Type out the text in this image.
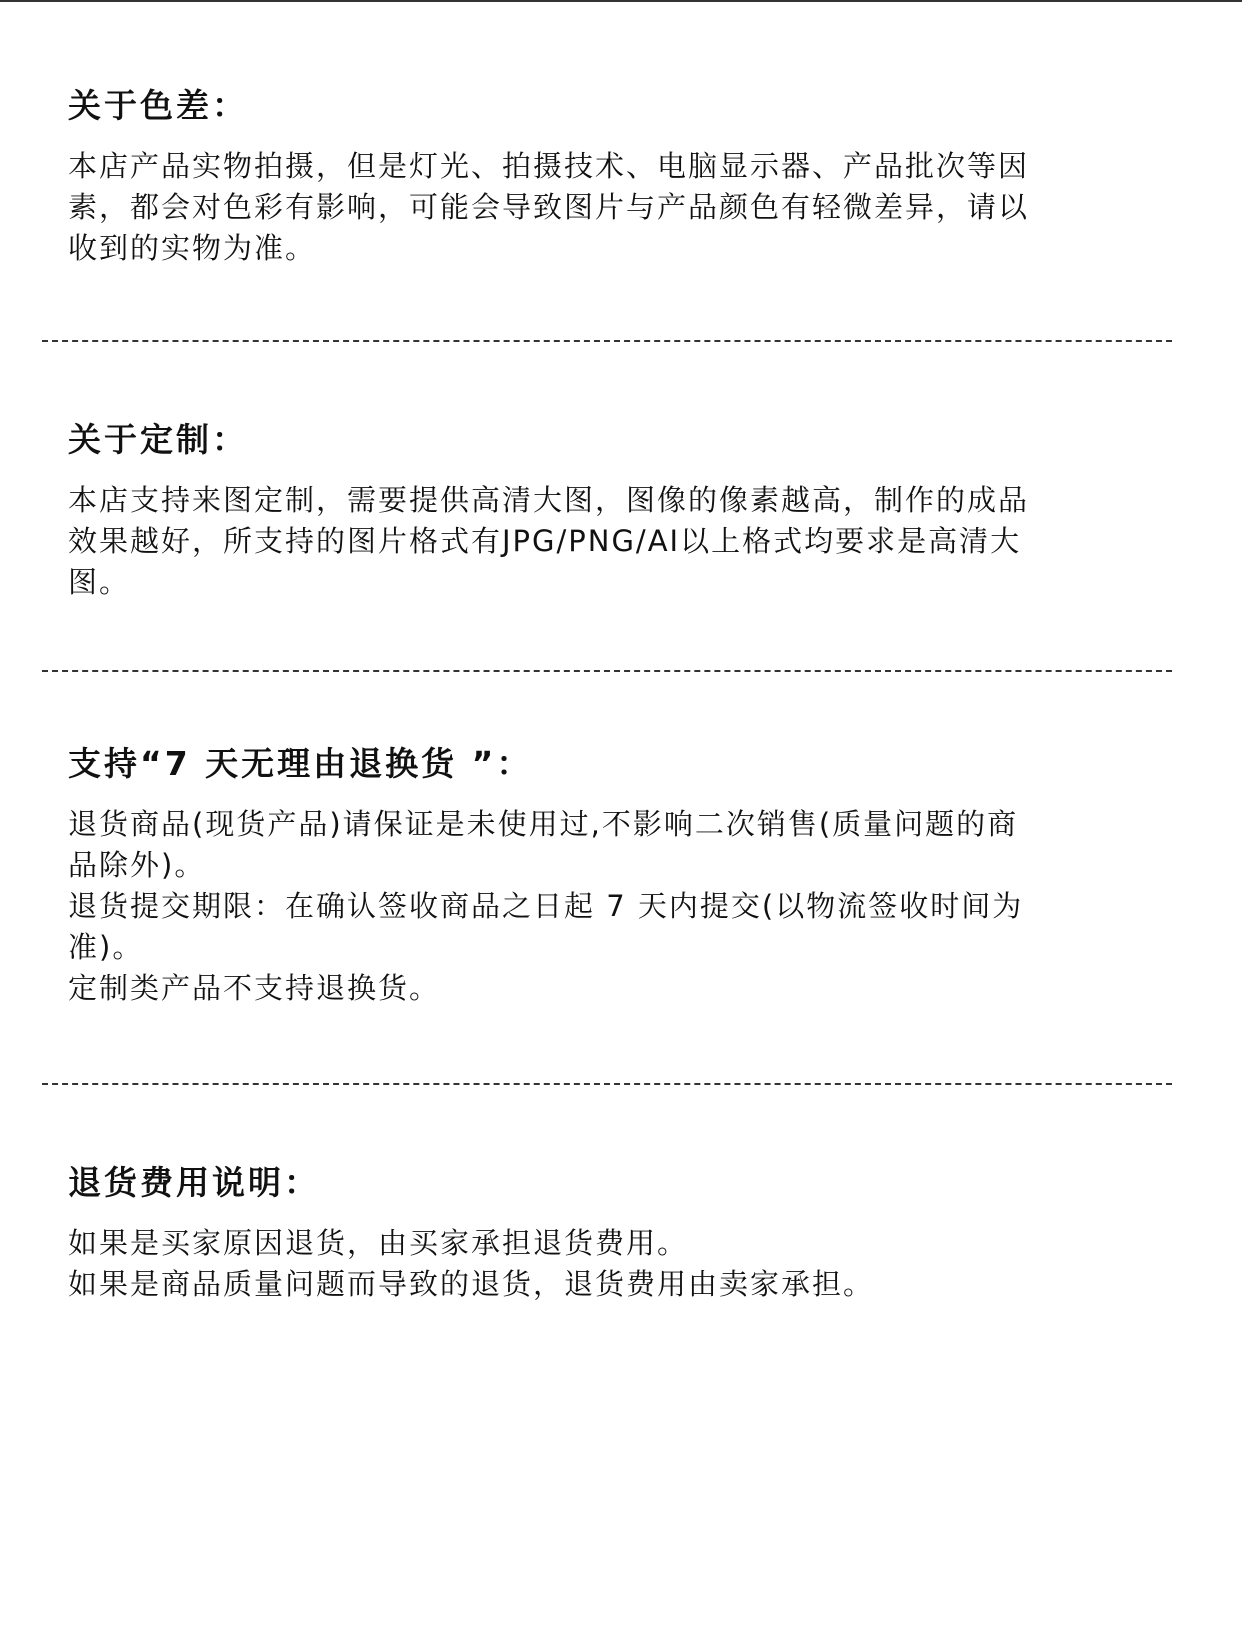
关于色差：

本店产品实物拍摄，但是灯光、拍摄技术、电脑显示器、产品批次等因

素，都会对色彩有影响，可能会导致图片与产品颜色有轻微差异，请以

收到的实物为准。

关于定制：

本店支持来图定制，需要提供高清大图，图像的像素越高，制作的成品

效果越好，所支持的图片格式有JPG/PNG/AI以上格式均要求是高清大

图。

支持“7 天无理由退换货 ”：

退货商品(现货产品)请保证是未使用过,不影响二次销售(质量问题的商

品除外)。

退货提交期限：在确认签收商品之日起 7 天内提交(以物流签收时间为

准)。

定制类产品不支持退换货。

退货费用说明：

如果是买家原因退货，由买家承担退货费用。

如果是商品质量问题而导致的退货，退货费用由卖家承担。
